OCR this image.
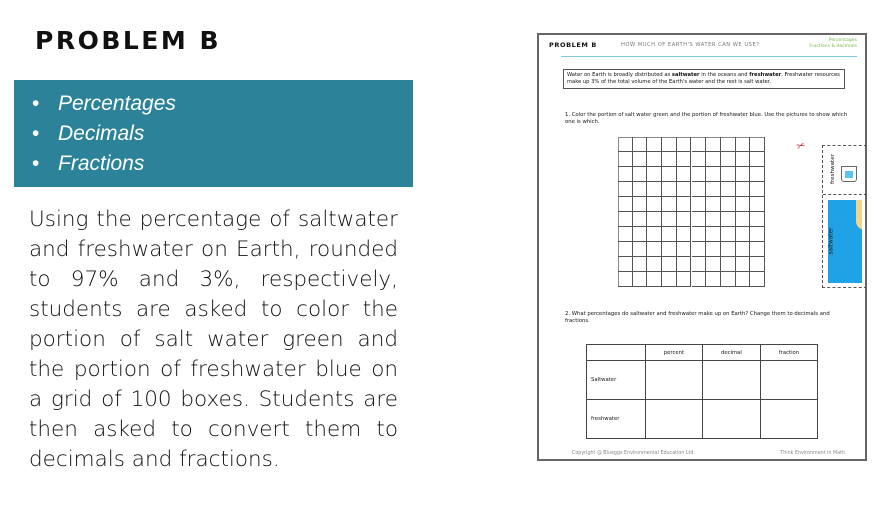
PROBLEM B
• Percentages
• Decimals
• Fractions
Using the percentage of saltwater and freshwater on Earth, rounded to 97% and 3%, respectively, students are asked to color the portion of salt water green and the portion of freshwater blue on a grid of 100 boxes. Students are then asked to convert them to decimals and fractions.
PROBLEM B	HOW MUCH OF EARTH'S WATER CAN WE USE?
Percentages
Fractions & decimals
Water on Earth is broadly distributed as saltwater in the oceans and freshwater. Freshwater resources make up 3% of the total volume of the Earth's water and the rest is salt water.
1. Color the portion of salt water green and the portion of freshwater blue. Use the pictures to show which one is which.
✂
freshwater
saltwater
2. What percentages do saltwater and freshwater make up on Earth? Change them to decimals and fractions.
	percent	decimal	fraction
Saltwater			
freshwater			
Copyright @ Blueggs Environmental Education Ltd.	Think Environment in Math
